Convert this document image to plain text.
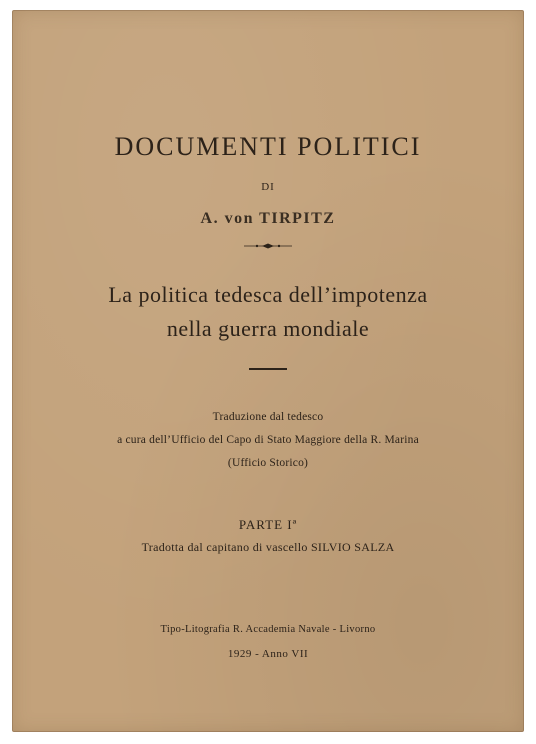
DOCUMENTI POLITICI
DI
A. von TIRPITZ
La politica tedesca dell’impotenza
nella guerra mondiale
Traduzione dal tedesco
a cura dell’Ufficio del Capo di Stato Maggiore della R. Marina
(Ufficio Storico)
PARTE Iª
Tradotta dal capitano di vascello SILVIO SALZA
Tipo-Litografia R. Accademia Navale - Livorno
1929 - Anno VII
